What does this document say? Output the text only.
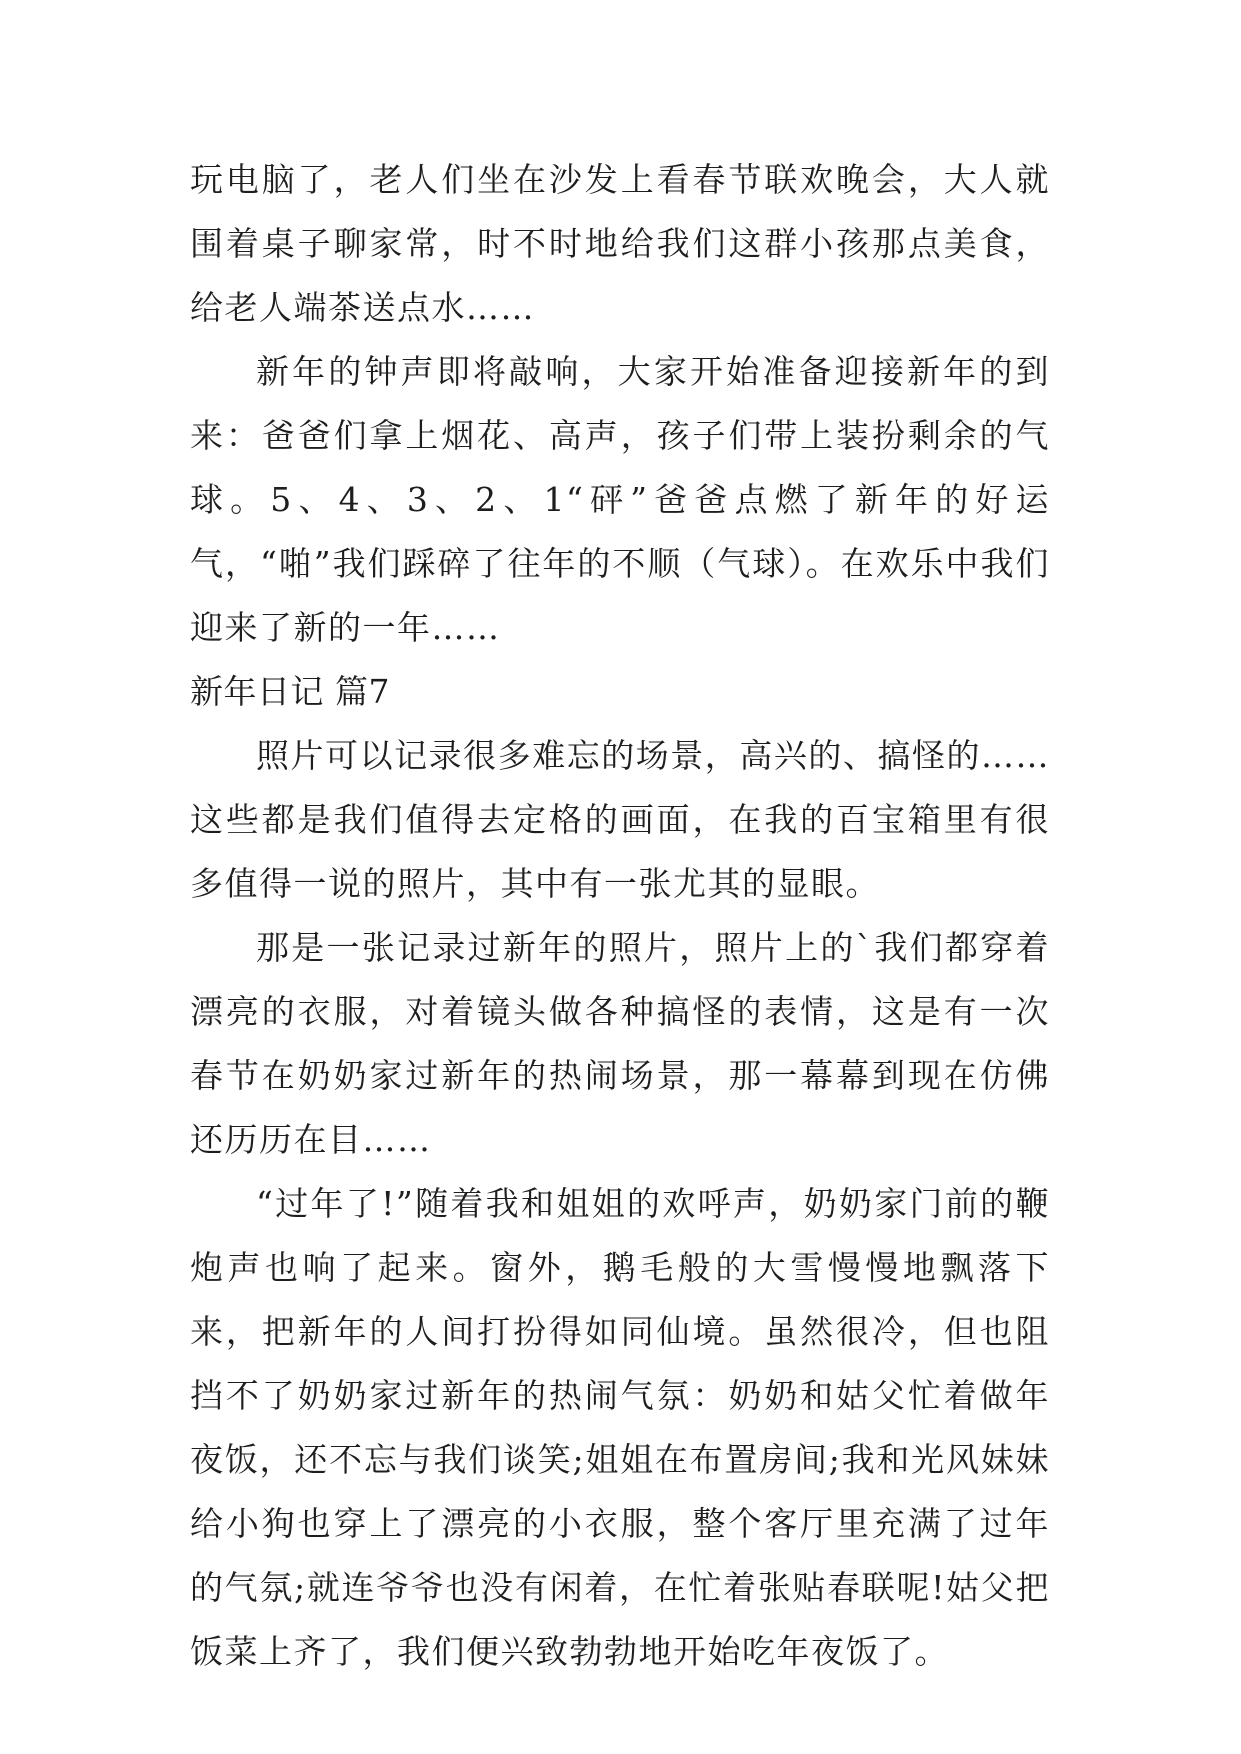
玩电脑了，老人们坐在沙发上看春节联欢晚会，大人就围着桌子聊家常，时不时地给我们这群小孩那点美食，给老人端茶送点水……

新年的钟声即将敲响，大家开始准备迎接新年的到来：爸爸们拿上烟花、高声，孩子们带上装扮剩余的气球。5、4、3、2、1“砰”爸爸点燃了新年的好运气，“啪”我们踩碎了往年的不顺（气球）。在欢乐中我们迎来了新的一年……

新年日记 篇7

照片可以记录很多难忘的场景，高兴的、搞怪的……这些都是我们值得去定格的画面，在我的百宝箱里有很多值得一说的照片，其中有一张尤其的显眼。

那是一张记录过新年的照片，照片上的`我们都穿着漂亮的衣服，对着镜头做各种搞怪的表情，这是有一次春节在奶奶家过新年的热闹场景，那一幕幕到现在仿佛还历历在目……

“过年了!”随着我和姐姐的欢呼声，奶奶家门前的鞭炮声也响了起来。窗外，鹅毛般的大雪慢慢地飘落下来，把新年的人间打扮得如同仙境。虽然很冷，但也阻挡不了奶奶家过新年的热闹气氛：奶奶和姑父忙着做年夜饭，还不忘与我们谈笑;姐姐在布置房间;我和光风妹妹给小狗也穿上了漂亮的小衣服，整个客厅里充满了过年的气氛;就连爷爷也没有闲着，在忙着张贴春联呢!姑父把饭菜上齐了，我们便兴致勃勃地开始吃年夜饭了。
